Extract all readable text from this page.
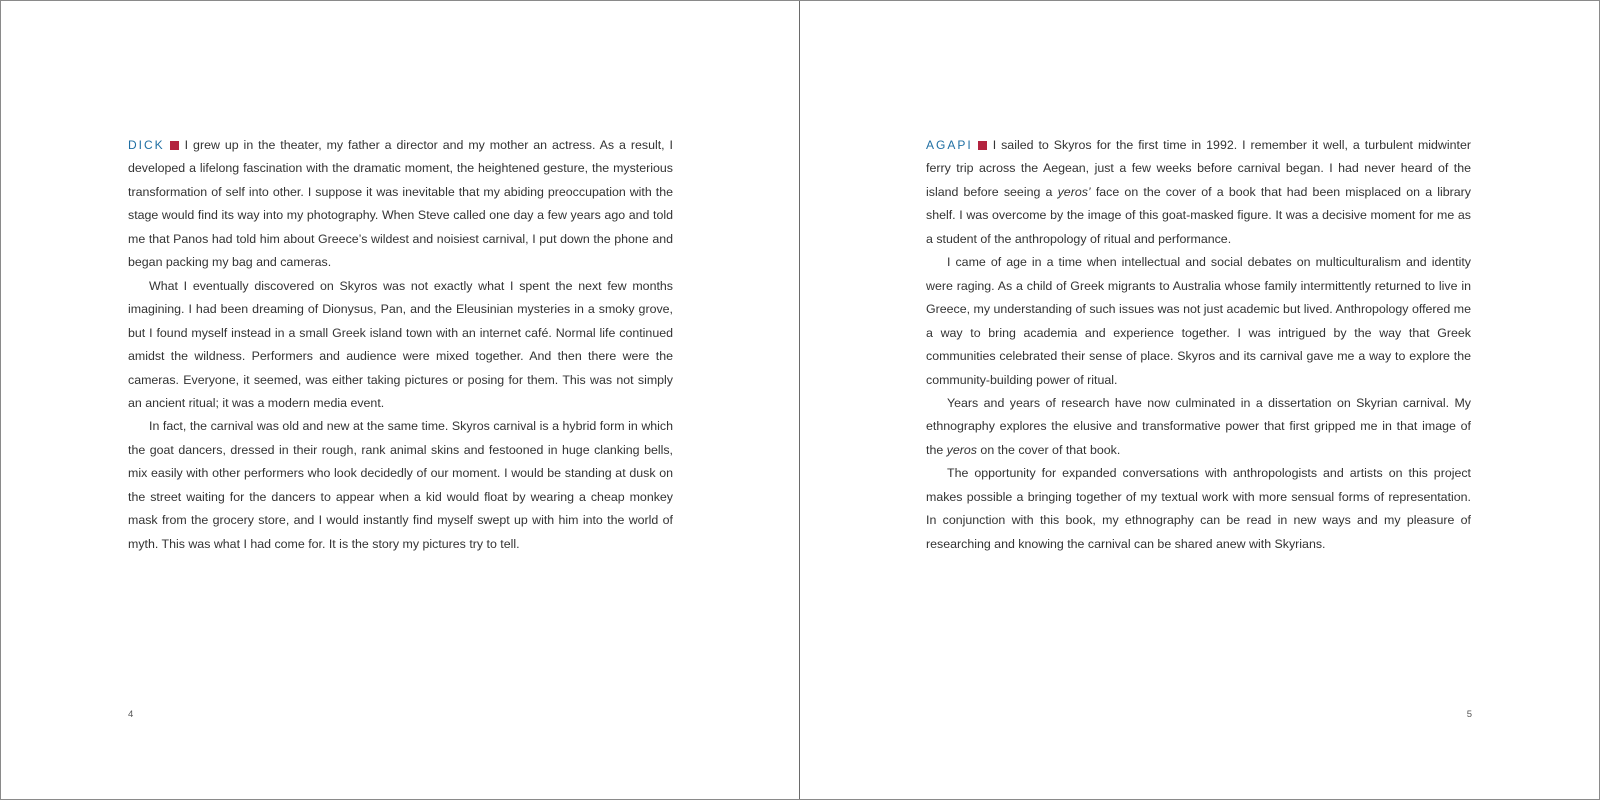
DICK I grew up in the theater, my father a director and my mother an actress. As a result, I developed a lifelong fascination with the dramatic moment, the heightened gesture, the mysterious transformation of self into other. I suppose it was inevitable that my abiding preoccupation with the stage would find its way into my photography. When Steve called one day a few years ago and told me that Panos had told him about Greece’s wildest and noisiest carnival, I put down the phone and began packing my bag and cameras.

What I eventually discovered on Skyros was not exactly what I spent the next few months imagining. I had been dreaming of Dionysus, Pan, and the Eleusinian mysteries in a smoky grove, but I found myself instead in a small Greek island town with an internet café. Normal life continued amidst the wildness. Performers and audience were mixed together. And then there were the cameras. Everyone, it seemed, was either taking pictures or posing for them. This was not simply an ancient ritual; it was a modern media event.

In fact, the carnival was old and new at the same time. Skyros carnival is a hybrid form in which the goat dancers, dressed in their rough, rank animal skins and festooned in huge clanking bells, mix easily with other performers who look decidedly of our moment. I would be standing at dusk on the street waiting for the dancers to appear when a kid would float by wearing a cheap monkey mask from the grocery store, and I would instantly find myself swept up with him into the world of myth. This was what I had come for. It is the story my pictures try to tell.

4

AGAPI I sailed to Skyros for the first time in 1992. I remember it well, a turbulent midwinter ferry trip across the Aegean, just a few weeks before carnival began. I had never heard of the island before seeing a yeros’ face on the cover of a book that had been misplaced on a library shelf. I was overcome by the image of this goat-masked figure. It was a decisive moment for me as a student of the anthropology of ritual and performance.

I came of age in a time when intellectual and social debates on multiculturalism and identity were raging. As a child of Greek migrants to Australia whose family intermittently returned to live in Greece, my understanding of such issues was not just academic but lived. Anthropology offered me a way to bring academia and experience together. I was intrigued by the way that Greek communities celebrated their sense of place. Skyros and its carnival gave me a way to explore the community-building power of ritual.

Years and years of research have now culminated in a dissertation on Skyrian carnival. My ethnography explores the elusive and transformative power that first gripped me in that image of the yeros on the cover of that book.

The opportunity for expanded conversations with anthropologists and artists on this project makes possible a bringing together of my textual work with more sensual forms of representation. In conjunction with this book, my ethnography can be read in new ways and my pleasure of researching and knowing the carnival can be shared anew with Skyrians.

5
